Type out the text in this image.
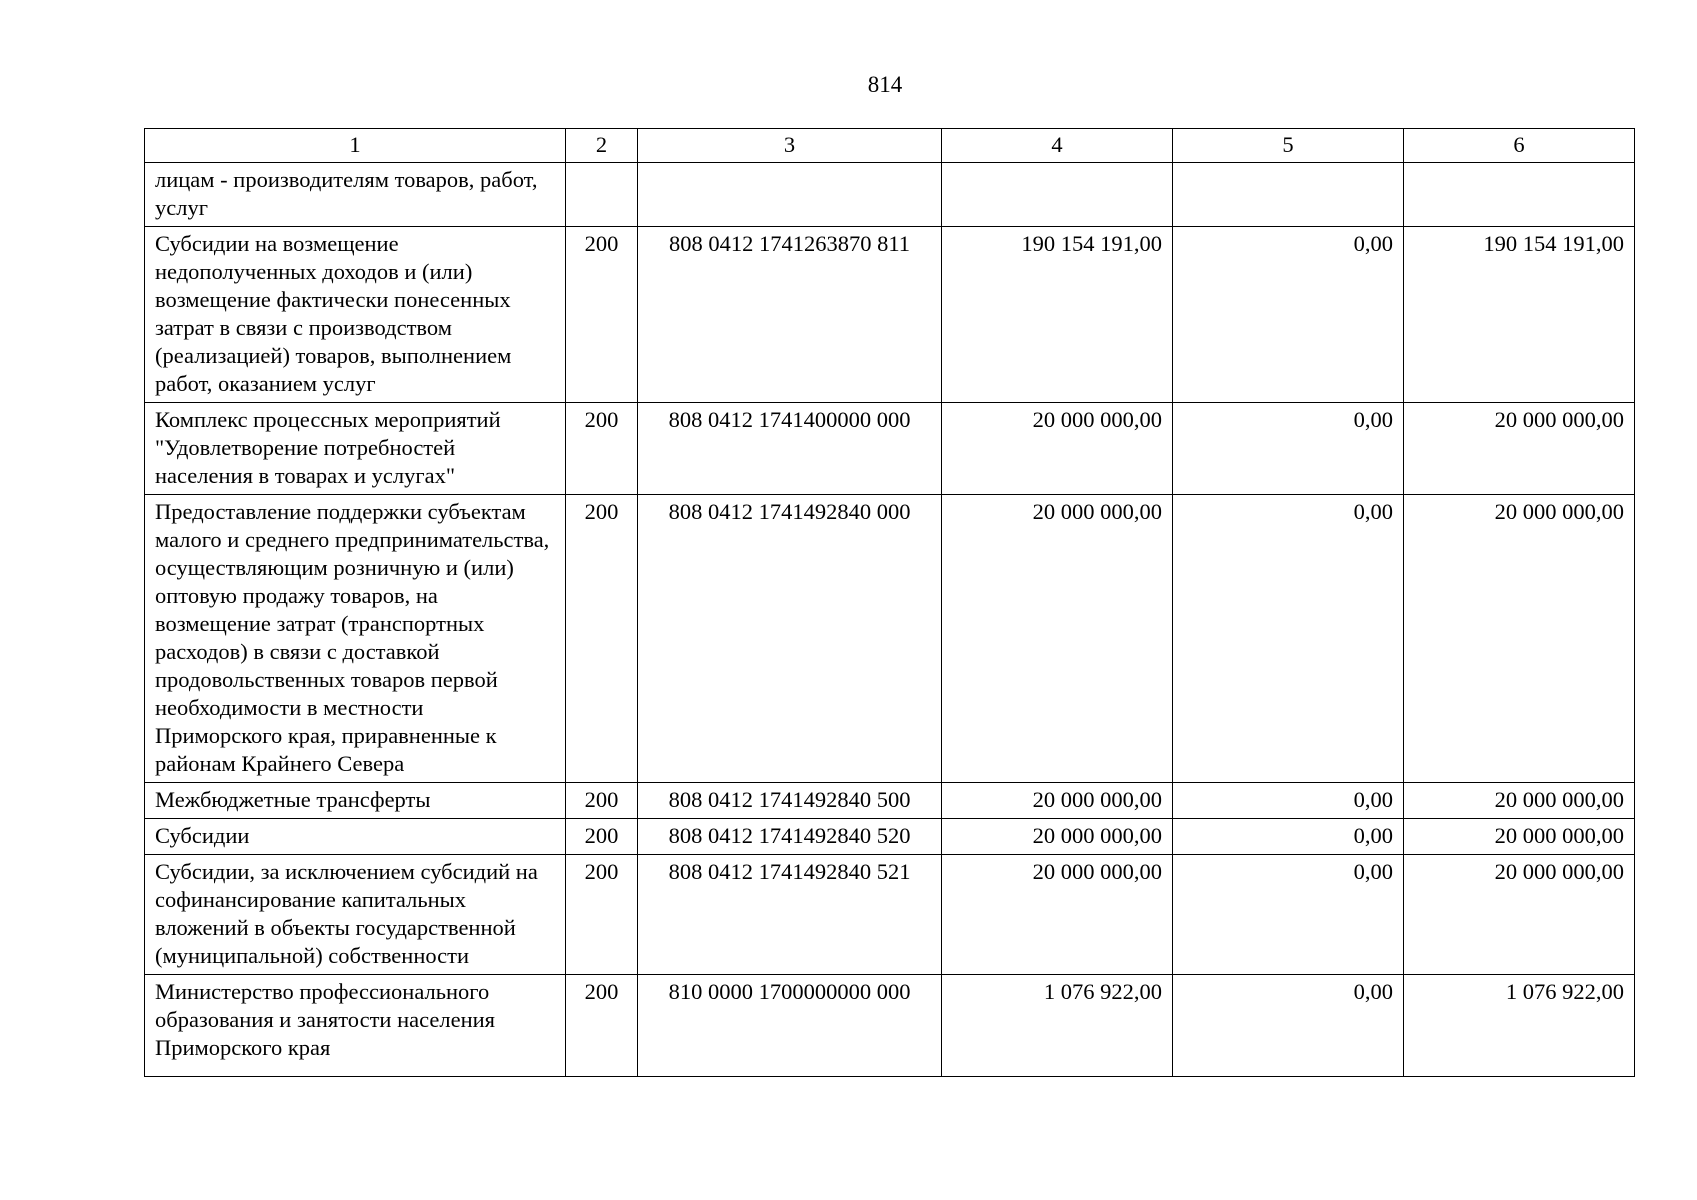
814
1	2	3	4	5	6
лицам - производителям товаров, работ, услуг					
Субсидии на возмещение недополученных доходов и (или) возмещение фактически понесенных затрат в связи с производством (реализацией) товаров, выполнением работ, оказанием услуг	200	808 0412 1741263870 811	190 154 191,00	0,00	190 154 191,00
Комплекс процессных мероприятий "Удовлетворение потребностей населения в товарах и услугах"	200	808 0412 1741400000 000	20 000 000,00	0,00	20 000 000,00
Предоставление поддержки субъектам малого и среднего предпринимательства, осуществляющим розничную и (или) оптовую продажу товаров, на возмещение затрат (транспортных расходов) в связи с доставкой продовольственных товаров первой необходимости в местности Приморского края, приравненные к районам Крайнего Севера	200	808 0412 1741492840 000	20 000 000,00	0,00	20 000 000,00
Межбюджетные трансферты	200	808 0412 1741492840 500	20 000 000,00	0,00	20 000 000,00
Субсидии	200	808 0412 1741492840 520	20 000 000,00	0,00	20 000 000,00
Субсидии, за исключением субсидий на софинансирование капитальных вложений в объекты государственной (муниципальной) собственности	200	808 0412 1741492840 521	20 000 000,00	0,00	20 000 000,00
Министерство профессионального образования и занятости населения Приморского края	200	810 0000 1700000000 000	1 076 922,00	0,00	1 076 922,00
